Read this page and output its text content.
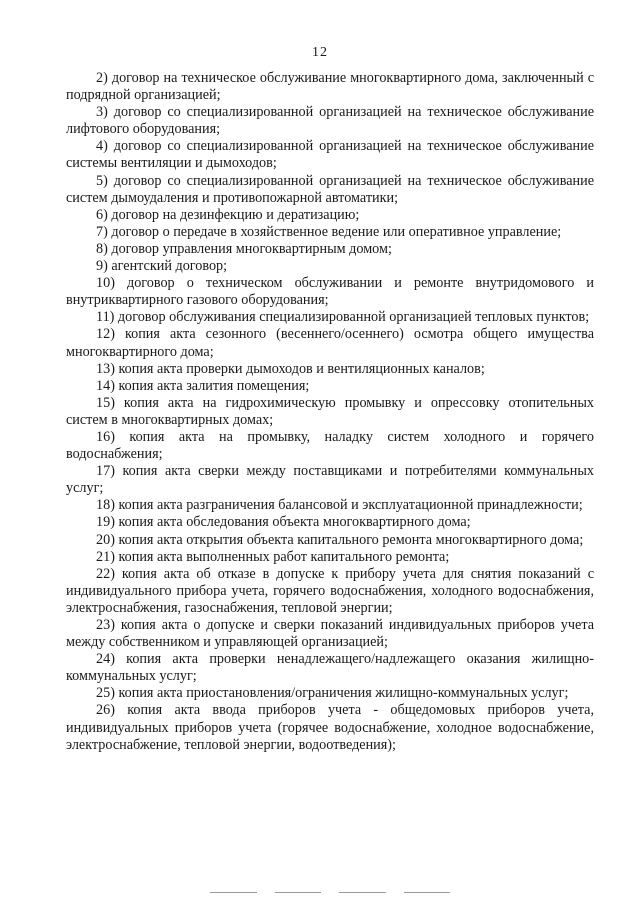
12

2) договор на техническое обслуживание многоквартирного дома, заключенный с подрядной организацией;

3) договор со специализированной организацией на техническое обслуживание лифтового оборудования;

4) договор со специализированной организацией на техническое обслуживание системы вентиляции и дымоходов;

5) договор со специализированной организацией на техническое обслуживание систем дымоудаления и противопожарной автоматики;

6) договор на дезинфекцию и дератизацию;

7) договор о передаче в хозяйственное ведение или оперативное управление;

8) договор управления многоквартирным домом;

9) агентский договор;

10) договор о техническом обслуживании и ремонте внутридомового и внутриквартирного газового оборудования;

11) договор обслуживания специализированной организацией тепловых пунктов;

12) копия акта сезонного (весеннего/осеннего) осмотра общего имущества многоквартирного дома;

13) копия акта проверки дымоходов и вентиляционных каналов;

14) копия акта залития помещения;

15) копия акта на гидрохимическую промывку и опрессовку отопительных систем в многоквартирных домах;

16) копия акта на промывку, наладку систем холодного и горячего водоснабжения;

17) копия акта сверки между поставщиками и потребителями коммунальных услуг;

18) копия акта разграничения балансовой и эксплуатационной принадлежности;

19) копия акта обследования объекта многоквартирного дома;

20) копия акта открытия объекта капитального ремонта многоквартирного дома;

21) копия акта выполненных работ капитального ремонта;

22) копия акта об отказе в допуске к прибору учета для снятия показаний с индивидуального прибора учета, горячего водоснабжения, холодного водоснабжения, электроснабжения, газоснабжения, тепловой энергии;

23) копия акта о допуске и сверки показаний индивидуальных приборов учета между собственником и управляющей организацией;

24) копия акта проверки ненадлежащего/надлежащего оказания жилищно-коммунальных услуг;

25) копия акта приостановления/ограничения жилищно-коммунальных услуг;

26) копия акта ввода приборов учета - общедомовых приборов учета, индивидуальных приборов учета (горячее водоснабжение, холодное водоснабжение, электроснабжение, тепловой энергии, водоотведения);
